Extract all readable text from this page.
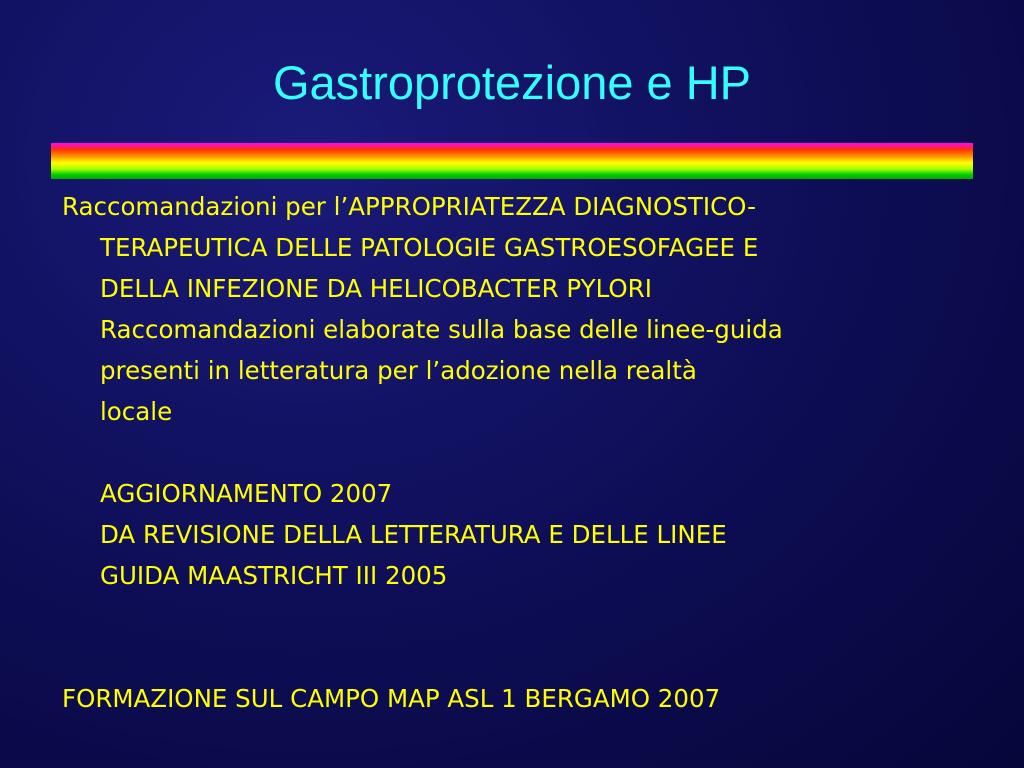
Gastroprotezione e HP
Raccomandazioni per l’APPROPRIATEZZA DIAGNOSTICO-
TERAPEUTICA DELLE PATOLOGIE GASTROESOFAGEE E
DELLA INFEZIONE DA HELICOBACTER PYLORI
Raccomandazioni elaborate sulla base delle linee-guida
presenti in letteratura per l’adozione nella realtà
locale
AGGIORNAMENTO 2007
DA REVISIONE DELLA LETTERATURA E DELLE LINEE
GUIDA MAASTRICHT III 2005
FORMAZIONE SUL CAMPO MAP ASL 1 BERGAMO 2007
